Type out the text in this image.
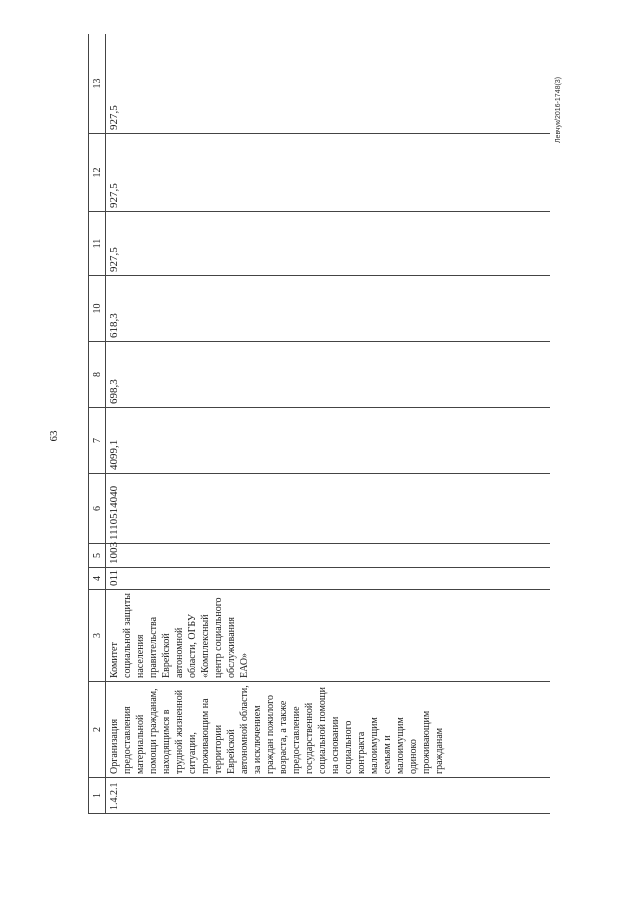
63
Левчук/2016-1748(3)
1	2	3	4	5	6	7	8	10	11	12	13
1.4.2.1	Организация предоставления материальной помощи гражданам, находящимся в трудной жизненной ситуации, проживающим на территории Еврейской автономной области, за исключением граждан пожилого возраста, а также предоставление государственной социальной помощи на основании социального контракта малоимущим семьям и малоимущим одиноко проживающим гражданам	Комитет социальной защиты населения правительства Еврейской автономной области, ОГБУ «Комплексный центр социального обслуживания ЕАО»	011	1003	1110514040	4099,1	698,3	618,3	927,5	927,5	927,5
